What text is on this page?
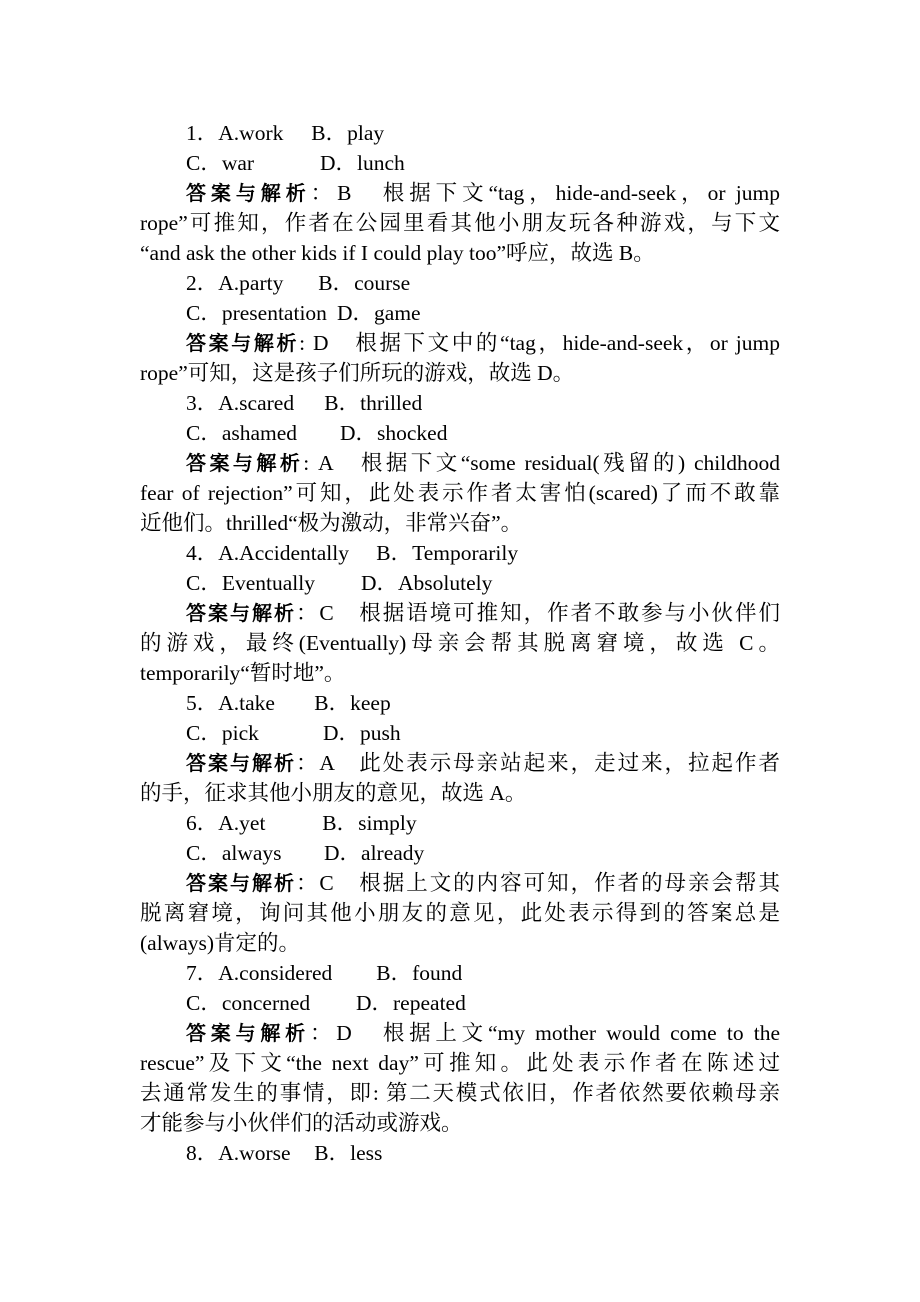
1．A.work B．play
C．war	D．lunch
答案与解析：B　根据下文“tag，hide-and-seek，or jump
rope”可推知，作者在公园里看其他小朋友玩各种游戏，与下文
“and ask the other kids if I could play too”呼应，故选 B。
2．A.party B．course
C．presentation D．game
答案与解析: D　根据下文中的“tag，hide-and-seek，or jump
rope”可知，这是孩子们所玩的游戏，故选 D。
3．A.scared B．thrilled
C．ashamed D．shocked
答案与解析: A　根据下文“some residual(残留的) childhood
fear of rejection”可知，此处表示作者太害怕(scared)了而不敢靠
近他们。thrilled“极为激动，非常兴奋”。
4．A.Accidentally B．Temporarily
C．Eventually D．Absolutely
答案与解析：C　根据语境可推知，作者不敢参与小伙伴们
的游戏，最终(Eventually)母亲会帮其脱离窘境，故选 C。
temporarily“暂时地”。
5．A.take B．keep
C．pick	D．push
答案与解析：A　此处表示母亲站起来，走过来，拉起作者
的手，征求其他小朋友的意见，故选 A。
6．A.yet	B．simply
C．always D．already
答案与解析：C　根据上文的内容可知，作者的母亲会帮其
脱离窘境，询问其他小朋友的意见，此处表示得到的答案总是
(always)肯定的。
7．A.considered B．found
C．concerned D．repeated
答案与解析：D　根据上文“my mother would come to the
rescue”及下文“the next day”可推知。此处表示作者在陈述过
去通常发生的事情，即: 第二天模式依旧，作者依然要依赖母亲
才能参与小伙伴们的活动或游戏。
8．A.worse B．less
